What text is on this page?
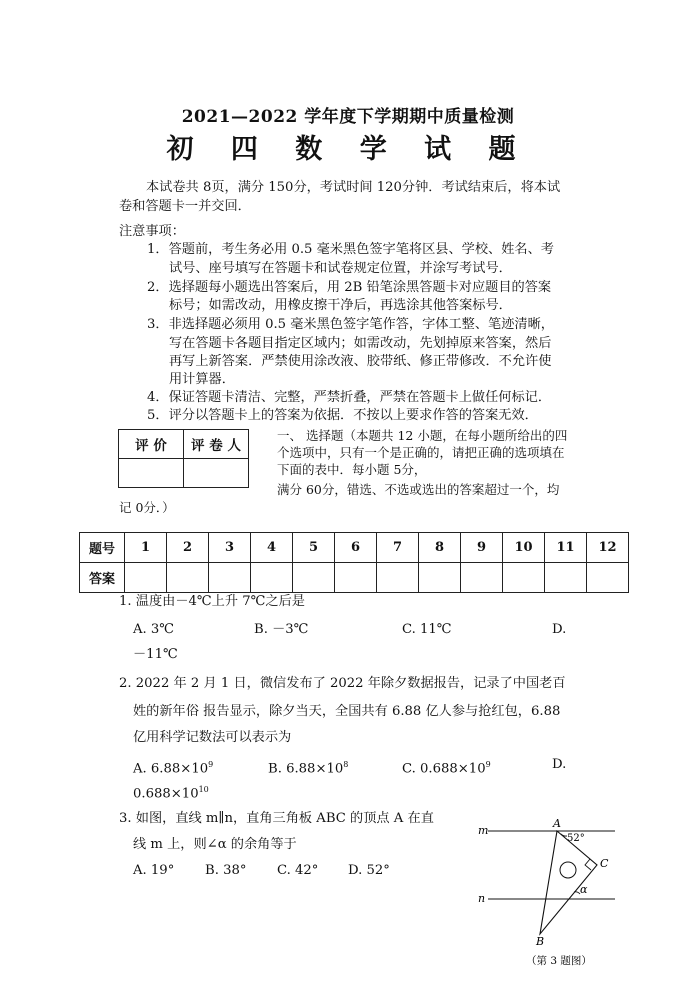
2021—2022 学年度下学期期中质量检测
初 四 数 学 试 题
本试卷共 8页，满分 150分，考试时间 120分钟．考试结束后，将本试
卷和答题卡一并交回．
注意事项：
1．答题前，考生务必用 0.5 毫米黑色签字笔将区县、学校、姓名、考
试号、座号填写在答题卡和试卷规定位置，并涂写考试号．
2．选择题每小题选出答案后，用 2B 铅笔涂黑答题卡对应题目的答案
标号；如需改动，用橡皮擦干净后，再选涂其他答案标号．
3．非选择题必须用 0.5 毫米黑色签字笔作答，字体工整、笔迹清晰，
写在答题卡各题目指定区域内；如需改动，先划掉原来答案，然后
再写上新答案．严禁使用涂改液、胶带纸、修正带修改．不允许使
用计算器．
4．保证答题卡清洁、完整，严禁折叠，严禁在答题卡上做任何标记．
5．评分以答题卡上的答案为依据．不按以上要求作答的答案无效．
评 价	评 卷 人

一、 选择题（本题共 12 小题，在每小题所给出的四
个选项中，只有一个是正确的，请把正确的选项填在
下面的表中．每小题 5分，
满分 60分，错选、不选或选出的答案超过一个，均
记 0分．）
题号	1	2	3	4	5	6	7	8	9	10	11	12
答案												
1. 温度由－4℃上升 7℃之后是
A. 3℃	B. －3℃	C. 11℃	D.
－11℃
2. 2022 年 2 月 1 日，微信发布了 2022 年除夕数据报告，记录了中国老百
姓的新年俗 报告显示，除夕当天，全国共有 6.88 亿人参与抢红包，6.88
亿用科学记数法可以表示为
A. $6.88\times 10^9$	B. $6.88\times 10^8$	C. $0.688\times 10^9$	D.
$0.688\times 10^{10}$
3. 如图，直线 m∥n，直角三角板 ABC 的顶点 A 在直
线 m 上，则∠α 的余角等于
A. 19° B. 38° C. 42° D. 52°
m
n
A
B
C
52°
α
（第 3 题图）
